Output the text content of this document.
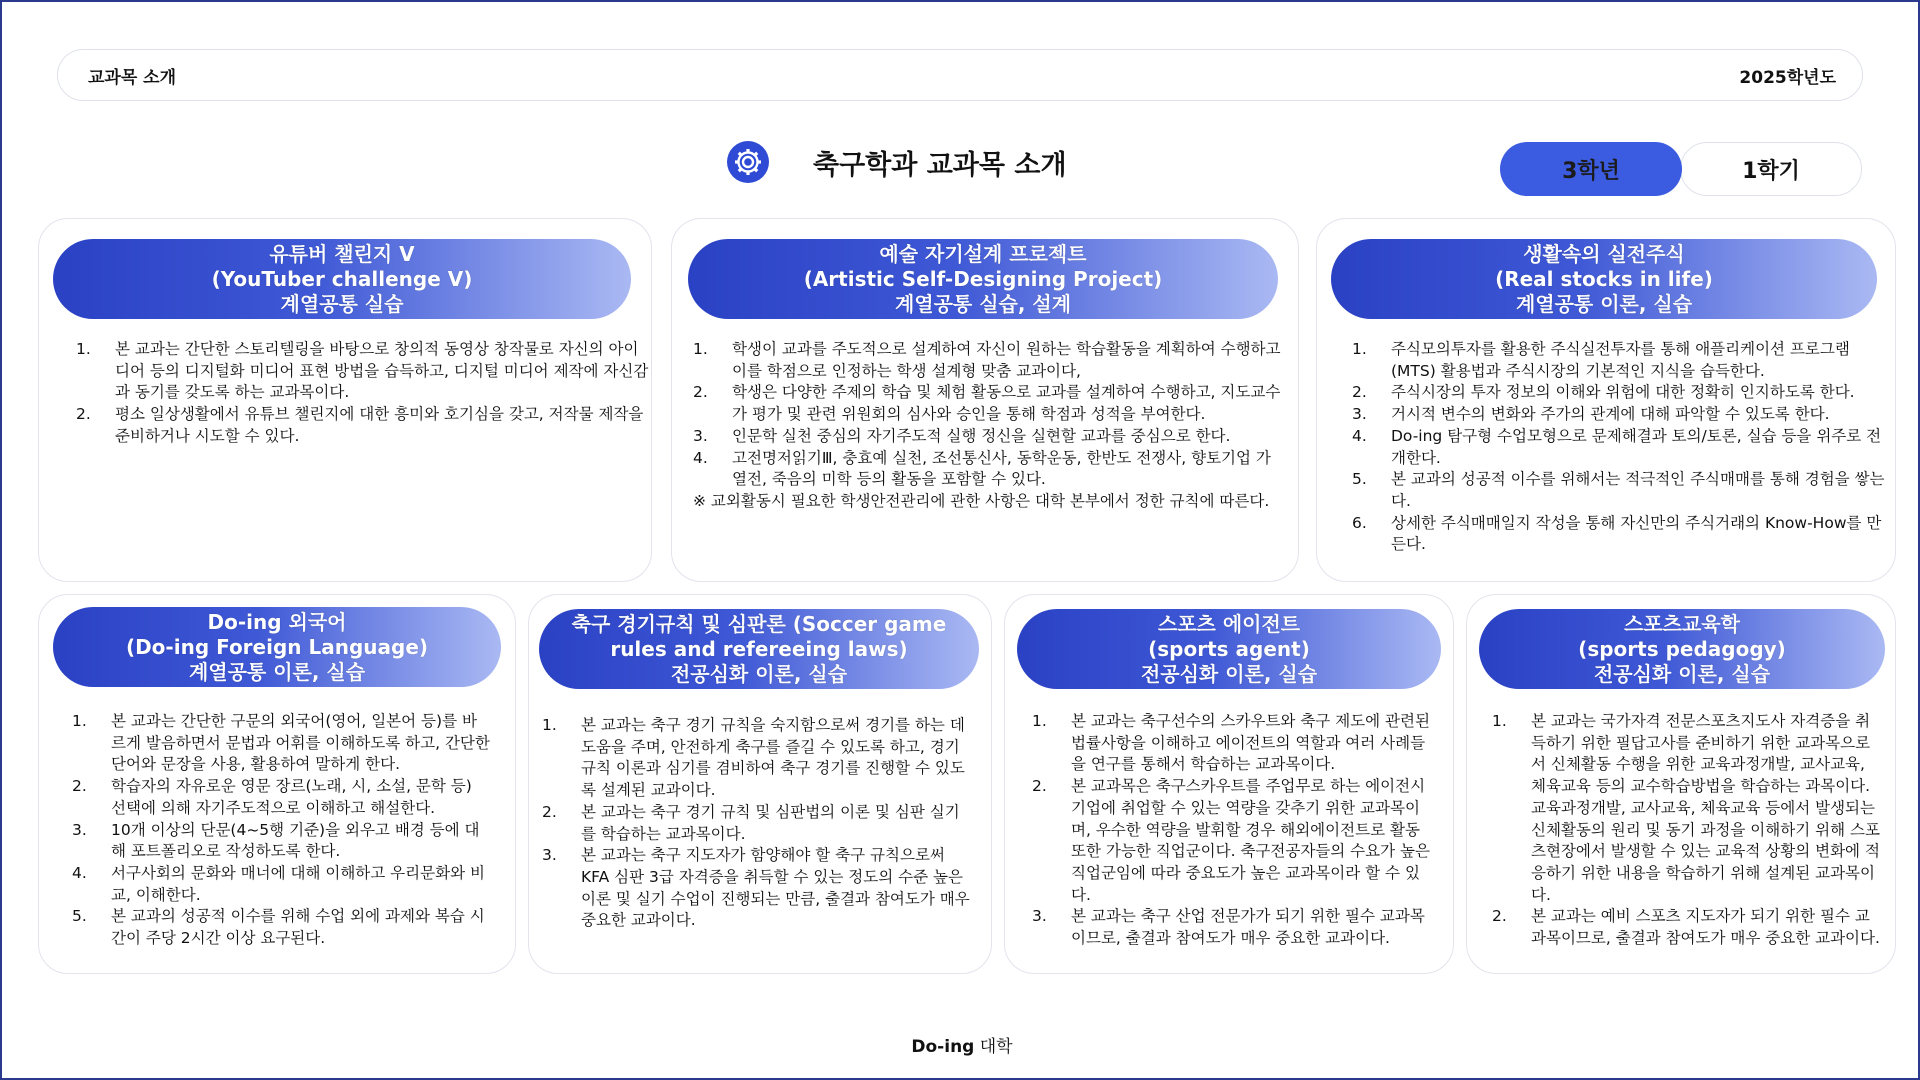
교과목 소개	2025학년도
축구학과 교과목 소개	3학년	1학기
유튜버 챌린지 V
(YouTuber challenge V)
계열공통 실습
1. 본 교과는 간단한 스토리텔링을 바탕으로 창의적 동영상 창작물로 자신의 아이디어 등의 디지털화 미디어 표현 방법을 습득하고, 디지털 미디어 제작에 자신감과 동기를 갖도록 하는 교과목이다.
2. 평소 일상생활에서 유튜브 챌린지에 대한 흥미와 호기심을 갖고, 저작물 제작을 준비하거나 시도할 수 있다.
예술 자기설계 프로젝트
(Artistic Self-Designing Project)
계열공통 실습, 설계
1. 학생이 교과를 주도적으로 설계하여 자신이 원하는 학습활동을 계획하여 수행하고 이를 학점으로 인정하는 학생 설계형 맞춤 교과이다,
2. 학생은 다양한 주제의 학습 및 체험 활동으로 교과를 설계하여 수행하고, 지도교수가 평가 및 관련 위원회의 심사와 승인을 통해 학점과 성적을 부여한다.
3. 인문학 실천 중심의 자기주도적 실행 정신을 실현할 교과를 중심으로 한다.
4. 고전명저읽기Ⅲ, 충효예 실천, 조선통신사, 동학운동, 한반도 전쟁사, 향토기업 가 열전, 죽음의 미학 등의 활동을 포함할 수 있다.
※ 교외활동시 필요한 학생안전관리에 관한 사항은 대학 본부에서 정한 규칙에 따른다.
생활속의 실전주식
(Real stocks in life)
계열공통 이론, 실습
1. 주식모의투자를 활용한 주식실전투자를 통해 애플리케이션 프로그램(MTS) 활용법과 주식시장의 기본적인 지식을 습득한다.
2. 주식시장의 투자 정보의 이해와 위험에 대한 정확히 인지하도록 한다.
3. 거시적 변수의 변화와 주가의 관계에 대해 파악할 수 있도록 한다.
4. Do-ing 탐구형 수업모형으로 문제해결과 토의/토론, 실습 등을 위주로 전개한다.
5. 본 교과의 성공적 이수를 위해서는 적극적인 주식매매를 통해 경험을 쌓는다.
6. 상세한 주식매매일지 작성을 통해 자신만의 주식거래의 Know-How를 만든다.
Do-ing 외국어
(Do-ing Foreign Language)
계열공통 이론, 실습
1. 본 교과는 간단한 구문의 외국어(영어, 일본어 등)를 바르게 발음하면서 문법과 어휘를 이해하도록 하고, 간단한 단어와 문장을 사용, 활용하여 말하게 한다.
2. 학습자의 자유로운 영문 장르(노래, 시, 소설, 문학 등) 선택에 의해 자기주도적으로 이해하고 해설한다.
3. 10개 이상의 단문(4~5행 기준)을 외우고 배경 등에 대해 포트폴리오로 작성하도록 한다.
4. 서구사회의 문화와 매너에 대해 이해하고 우리문화와 비교, 이해한다.
5. 본 교과의 성공적 이수를 위해 수업 외에 과제와 복습 시간이 주당 2시간 이상 요구된다.
축구 경기규칙 및 심판론 (Soccer game
rules and refereeing laws)
전공심화 이론, 실습
1. 본 교과는 축구 경기 규칙을 숙지함으로써 경기를 하는 데 도움을 주며, 안전하게 축구를 즐길 수 있도록 하고, 경기 규칙 이론과 심기를 겸비하여 축구 경기를 진행할 수 있도록 설계된 교과이다.
2. 본 교과는 축구 경기 규칙 및 심판법의 이론 및 심판 실기를 학습하는 교과목이다.
3. 본 교과는 축구 지도자가 함양해야 할 축구 규칙으로써 KFA 심판 3급 자격증을 취득할 수 있는 정도의 수준 높은 이론 및 실기 수업이 진행되는 만큼, 출결과 참여도가 매우 중요한 교과이다.
스포츠 에이전트
(sports agent)
전공심화 이론, 실습
1. 본 교과는 축구선수의 스카우트와 축구 제도에 관련된 법률사항을 이해하고 에이전트의 역할과 여러 사례들을 연구를 통해서 학습하는 교과목이다.
2. 본 교과목은 축구스카우트를 주업무로 하는 에이전시 기업에 취업할 수 있는 역량을 갖추기 위한 교과목이며, 우수한 역량을 발휘할 경우 해외에이전트로 활동 또한 가능한 직업군이다. 축구전공자들의 수요가 높은 직업군임에 따라 중요도가 높은 교과목이라 할 수 있다.
3. 본 교과는 축구 산업 전문가가 되기 위한 필수 교과목이므로, 출결과 참여도가 매우 중요한 교과이다.
스포츠교육학
(sports pedagogy)
전공심화 이론, 실습
1. 본 교과는 국가자격 전문스포츠지도사 자격증을 취득하기 위한 필답고사를 준비하기 위한 교과목으로서 신체활동 수행을 위한 교육과정개발, 교사교육, 체육교육 등의 교수학습방법을 학습하는 과목이다. 교육과정개발, 교사교육, 체육교육 등에서 발생되는 신체활동의 원리 및 동기 과정을 이해하기 위해 스포츠현장에서 발생할 수 있는 교육적 상황의 변화에 적응하기 위한 내용을 학습하기 위해 설계된 교과목이다.
2. 본 교과는 예비 스포츠 지도자가 되기 위한 필수 교과목이므로, 출결과 참여도가 매우 중요한 교과이다.
Do-ing 대학
